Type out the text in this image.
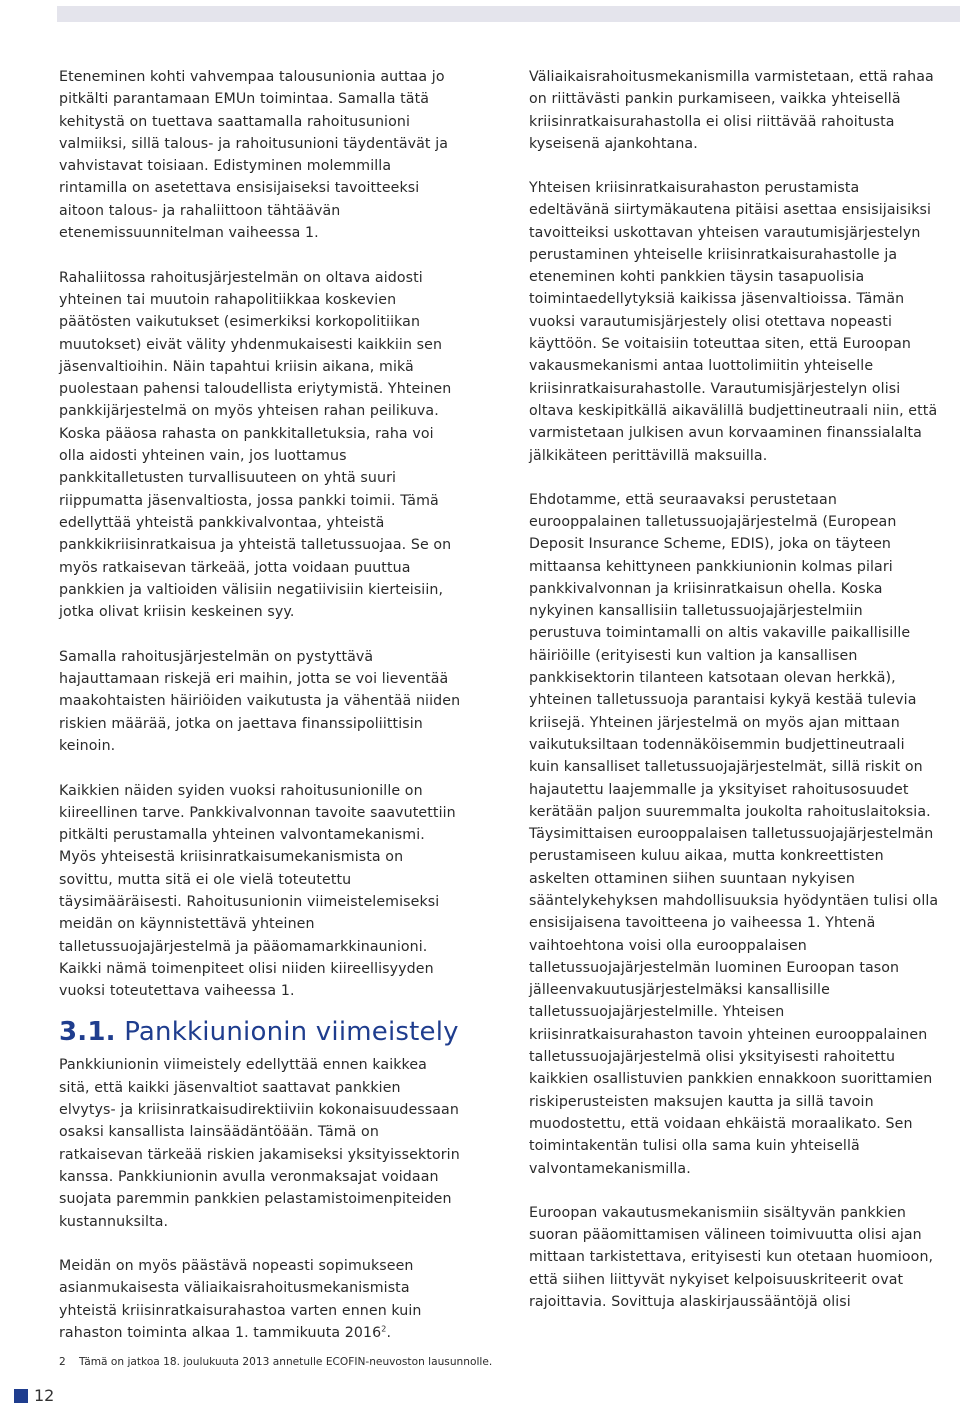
Eteneminen kohti vahvempaa talousunionia auttaa jo pitkälti parantamaan EMUn toimintaa. Samalla tätä kehitystä on tuettava saattamalla rahoitusunioni valmiiksi, sillä talous- ja rahoitusunioni täydentävät ja vahvistavat toisiaan. Edistyminen molemmilla rintamilla on asetettava ensisijaiseksi tavoitteeksi aitoon talous- ja rahaliittoon tähtäävän etenemissuunnitelman vaiheessa 1.

Rahaliitossa rahoitusjärjestelmän on oltava aidosti yhteinen tai muutoin rahapolitiikkaa koskevien päätösten vaikutukset (esimerkiksi korkopolitiikan muutokset) eivät välity yhdenmukaisesti kaikkiin sen jäsenvaltioihin. Näin tapahtui kriisin aikana, mikä puolestaan pahensi taloudellista eriytymistä. Yhteinen pankkijärjestelmä on myös yhteisen rahan peilikuva. Koska pääosa rahasta on pankkitalletuksia, raha voi olla aidosti yhteinen vain, jos luottamus pankkitalletusten turvallisuuteen on yhtä suuri riippumatta jäsenvaltiosta, jossa pankki toimii. Tämä edellyttää yhteistä pankkivalvontaa, yhteistä pankkikriisinratkaisua ja yhteistä talletussuojaa. Se on myös ratkaisevan tärkeää, jotta voidaan puuttua pankkien ja valtioiden välisiin negatiivisiin kierteisiin, jotka olivat kriisin keskeinen syy.

Samalla rahoitusjärjestelmän on pystyttävä hajauttamaan riskejä eri maihin, jotta se voi lieventää maakohtaisten häiriöiden vaikutusta ja vähentää niiden riskien määrää, jotka on jaettava finanssipoliittisin keinoin.

Kaikkien näiden syiden vuoksi rahoitusunionille on kiireellinen tarve. Pankkivalvonnan tavoite saavutettiin pitkälti perustamalla yhteinen valvontamekanismi. Myös yhteisestä kriisinratkaisumekanismista on sovittu, mutta sitä ei ole vielä toteutettu täysimääräisesti. Rahoitusunionin viimeistelemiseksi meidän on käynnistettävä yhteinen talletussuojajärjestelmä ja pääomamarkkinaunioni. Kaikki nämä toimenpiteet olisi niiden kiireellisyyden vuoksi toteutettava vaiheessa 1.

3.1. Pankkiunionin viimeistely

Pankkiunionin viimeistely edellyttää ennen kaikkea sitä, että kaikki jäsenvaltiot saattavat pankkien elvytys- ja kriisinratkaisudirektiiviin kokonaisuudessaan osaksi kansallista lainsäädäntöään. Tämä on ratkaisevan tärkeää riskien jakamiseksi yksityissektorin kanssa. Pankkiunionin avulla veronmaksajat voidaan suojata paremmin pankkien pelastamistoimenpiteiden kustannuksilta.

Meidän on myös päästävä nopeasti sopimukseen asianmukaisesta väliaikaisrahoitusmekanismista yhteistä kriisinratkaisurahastoa varten ennen kuin rahaston toiminta alkaa 1. tammikuuta 2016$^2$.

Väliaikaisrahoitusmekanismilla varmistetaan, että rahaa on riittävästi pankin purkamiseen, vaikka yhteisellä kriisinratkaisurahastolla ei olisi riittävää rahoitusta kyseisenä ajankohtana.

Yhteisen kriisinratkaisurahaston perustamista edeltävänä siirtymäkautena pitäisi asettaa ensisijaisiksi tavoitteiksi uskottavan yhteisen varautumisjärjestelyn perustaminen yhteiselle kriisinratkaisurahastolle ja eteneminen kohti pankkien täysin tasapuolisia toimintaedellytyksiä kaikissa jäsenvaltioissa. Tämän vuoksi varautumisjärjestely olisi otettava nopeasti käyttöön. Se voitaisiin toteuttaa siten, että Euroopan vakausmekanismi antaa luottolimiitin yhteiselle kriisinratkaisurahastolle. Varautumisjärjestelyn olisi oltava keskipitkällä aikavälillä budjettineutraali niin, että varmistetaan julkisen avun korvaaminen finanssialalta jälkikäteen perittävillä maksuilla.

Ehdotamme, että seuraavaksi perustetaan eurooppalainen talletussuojajärjestelmä (European Deposit Insurance Scheme, EDIS), joka on täyteen mittaansa kehittyneen pankkiunionin kolmas pilari pankkivalvonnan ja kriisinratkaisun ohella. Koska nykyinen kansallisiin talletussuojajärjestelmiin perustuva toimintamalli on altis vakaville paikallisille häiriöille (erityisesti kun valtion ja kansallisen pankkisektorin tilanteen katsotaan olevan herkkä), yhteinen talletussuoja parantaisi kykyä kestää tulevia kriisejä. Yhteinen järjestelmä on myös ajan mittaan vaikutuksiltaan todennäköisemmin budjettineutraali kuin kansalliset talletussuojajärjestelmät, sillä riskit on hajautettu laajemmalle ja yksityiset rahoitusosuudet kerätään paljon suuremmalta joukolta rahoituslaitoksia. Täysimittaisen eurooppalaisen talletussuojajärjestelmän perustamiseen kuluu aikaa, mutta konkreettisten askelten ottaminen siihen suuntaan nykyisen sääntelykehyksen mahdollisuuksia hyödyntäen tulisi olla ensisijaisena tavoitteena jo vaiheessa 1. Yhtenä vaihtoehtona voisi olla eurooppalaisen talletussuojajärjestelmän luominen Euroopan tason jälleenvakuutusjärjestelmäksi kansallisille talletussuojajärjestelmille. Yhteisen kriisinratkaisurahaston tavoin yhteinen eurooppalainen talletussuojajärjestelmä olisi yksityisesti rahoitettu kaikkien osallistuvien pankkien ennakkoon suorittamien riskiperusteisten maksujen kautta ja sillä tavoin muodostettu, että voidaan ehkäistä moraalikato. Sen toimintakentän tulisi olla sama kuin yhteisellä valvontamekanismilla.

Euroopan vakautusmekanismiin sisältyvän pankkien suoran pääomittamisen välineen toimivuutta olisi ajan mittaan tarkistettava, erityisesti kun otetaan huomioon, että siihen liittyvät nykyiset kelpoisuuskriteerit ovat rajoittavia. Sovittuja alaskirjaussääntöjä olisi

2 Tämä on jatkoa 18. joulukuuta 2013 annetulle ECOFIN-neuvoston lausunnolle.
12
